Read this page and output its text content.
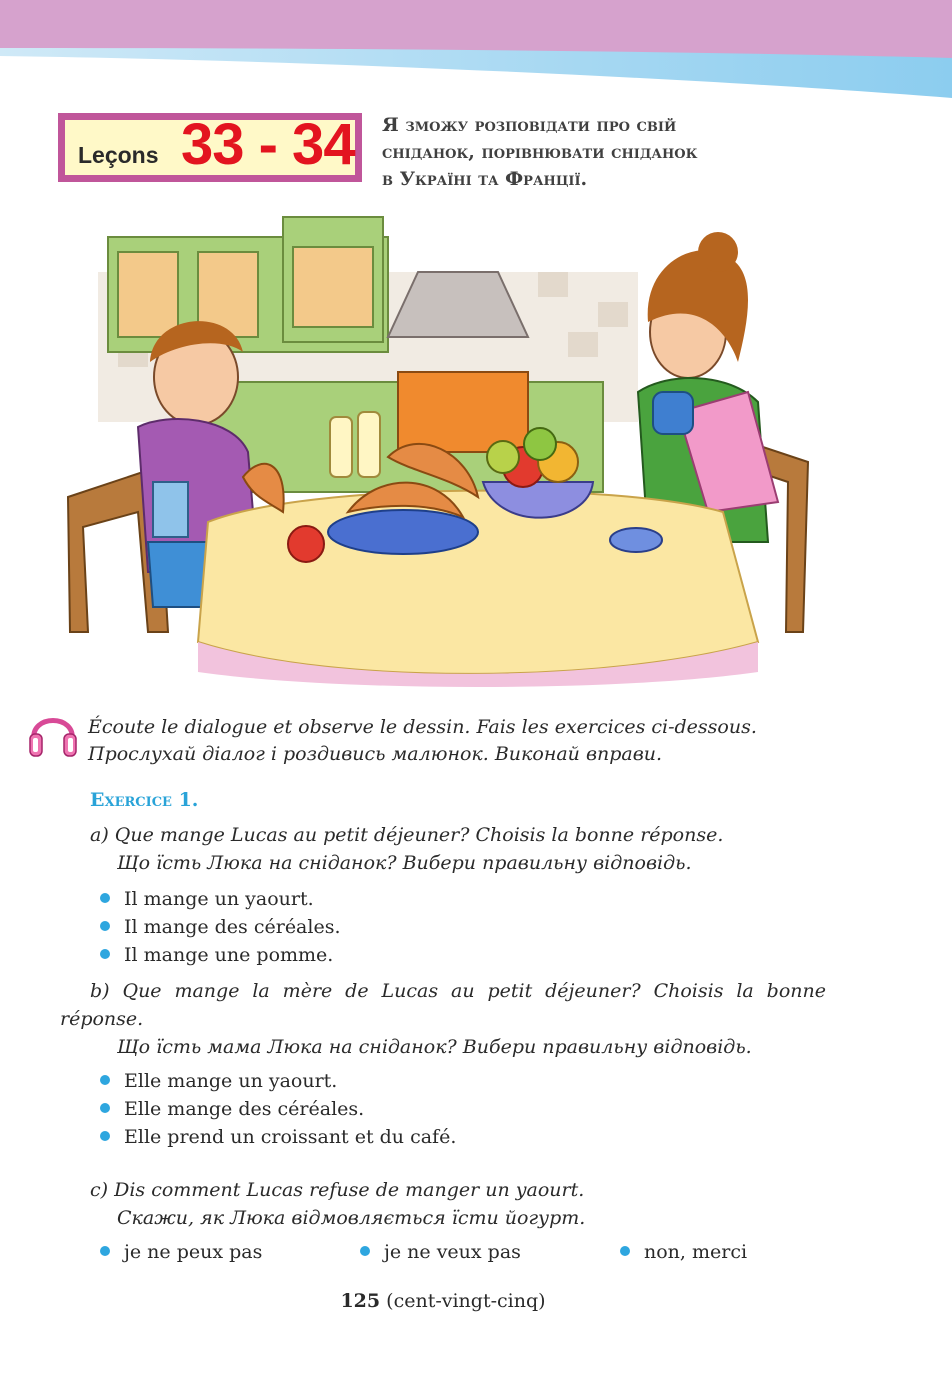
Leçons 33 - 34 Я зможу розповідати про свій
сніданок, порівнювати сніданок
в Україні та Франції.
Écoute le dialogue et observe le dessin. Fais les exercices ci-dessous.
Прослухай діалог і роздивись малюнок. Виконай вправи.
Exercice 1.
a) Que mange Lucas au petit déjeuner? Choisis la bonne réponse.
Що їсть Люка на сніданок? Вибери правильну відповідь.
Il mange un yaourt.
Il mange des céréales.
Il mange une pomme.
b) Que mange la mère de Lucas au petit déjeuner? Choisis la bonne
réponse.
Що їсть мама Люка на сніданок? Вибери правильну відповідь.
Elle mange un yaourt.
Elle mange des céréales.
Elle prend un croissant et du café.
c) Dis comment Lucas refuse de manger un yaourt.
Скажи, як Люка відмовляється їсти йогурт.
je ne peux pas	je ne veux pas	non, merci
125 (cent-vingt-cinq)
